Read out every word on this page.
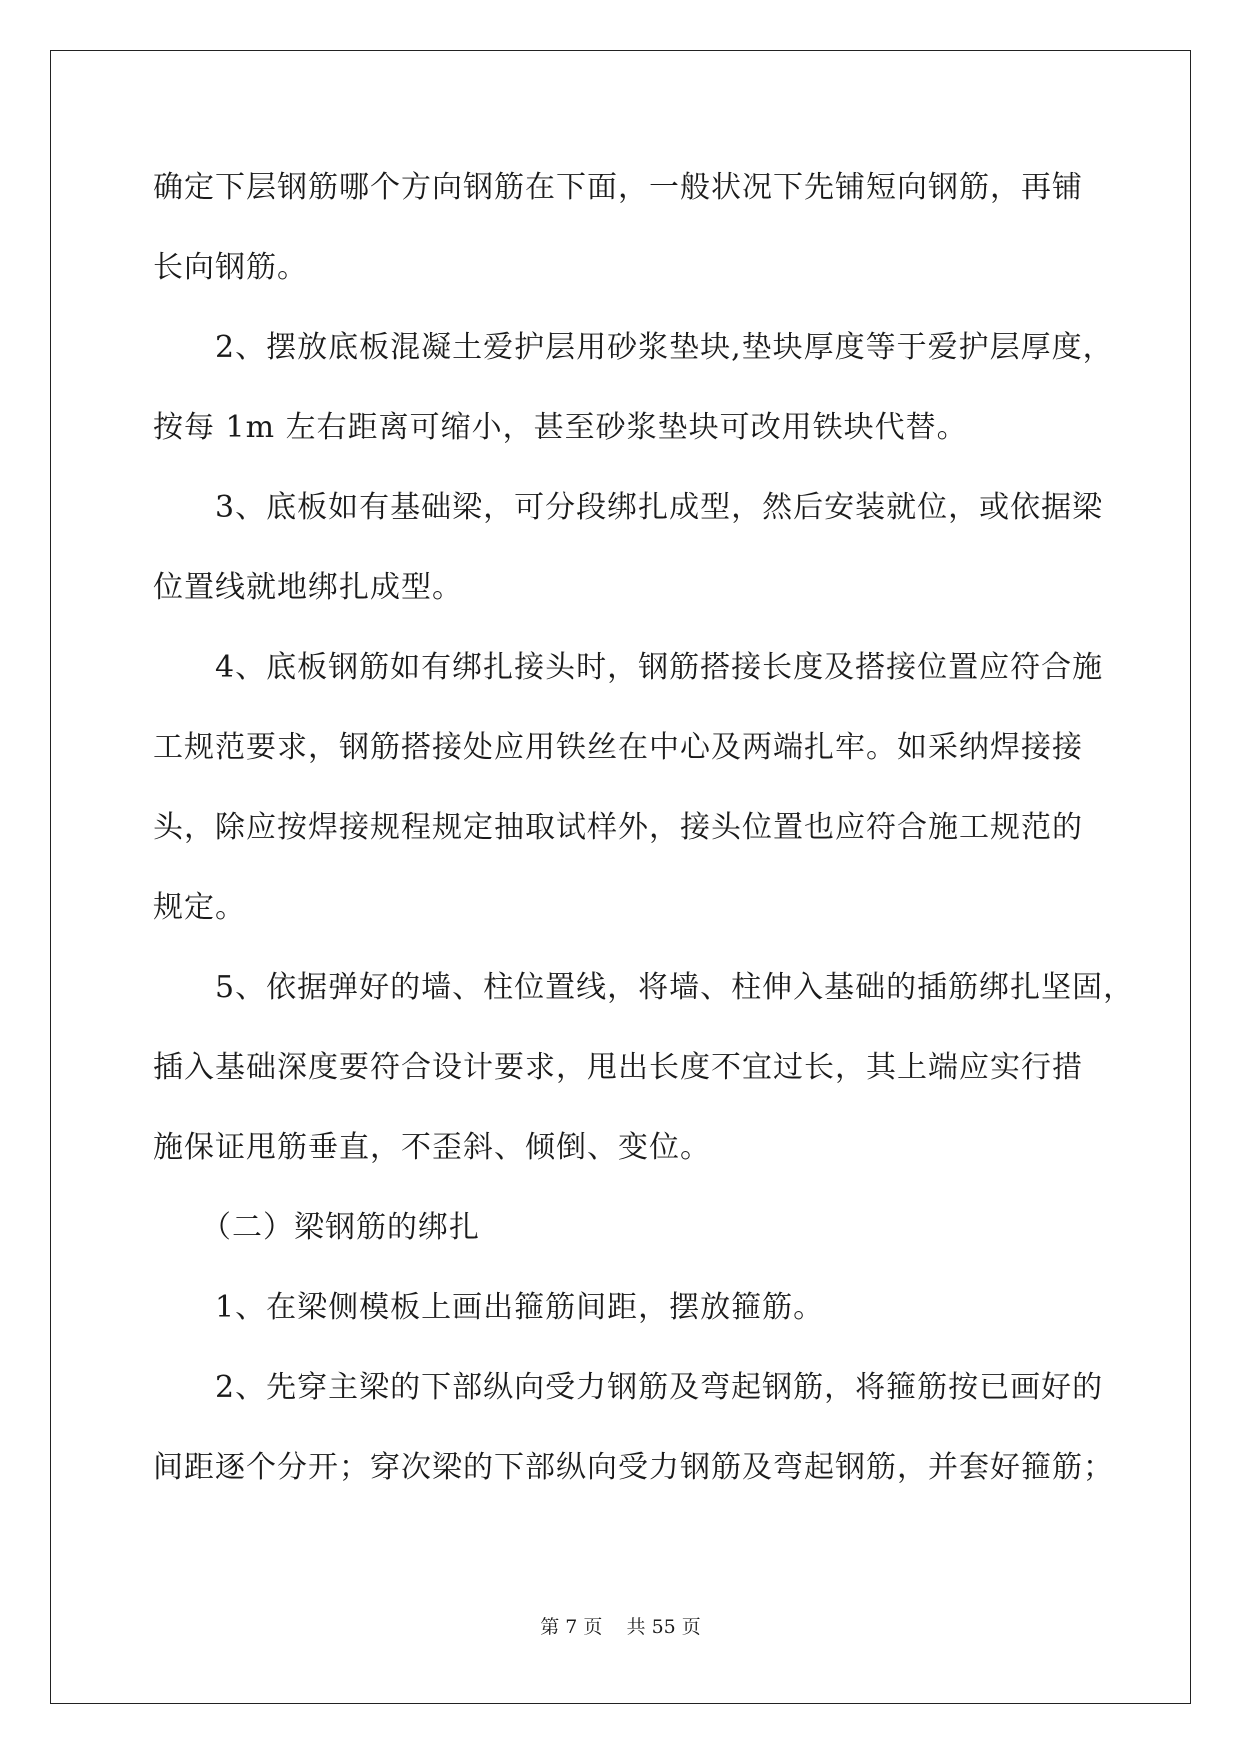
确定下层钢筋哪个方向钢筋在下面，一般状况下先铺短向钢筋，再铺
长向钢筋。
2、摆放底板混凝土爱护层用砂浆垫块,垫块厚度等于爱护层厚度，
按每 1m 左右距离可缩小，甚至砂浆垫块可改用铁块代替。
3、底板如有基础梁，可分段绑扎成型，然后安装就位，或依据梁
位置线就地绑扎成型。
4、底板钢筋如有绑扎接头时，钢筋搭接长度及搭接位置应符合施
工规范要求，钢筋搭接处应用铁丝在中心及两端扎牢。如采纳焊接接
头，除应按焊接规程规定抽取试样外，接头位置也应符合施工规范的
规定。
5、依据弹好的墙、柱位置线，将墙、柱伸入基础的插筋绑扎坚固，
插入基础深度要符合设计要求，甩出长度不宜过长，其上端应实行措
施保证甩筋垂直，不歪斜、倾倒、变位。
（二）梁钢筋的绑扎
1、在梁侧模板上画出箍筋间距，摆放箍筋。
2、先穿主梁的下部纵向受力钢筋及弯起钢筋，将箍筋按已画好的
间距逐个分开；穿次梁的下部纵向受力钢筋及弯起钢筋，并套好箍筋；
第 7 页    共 55 页
